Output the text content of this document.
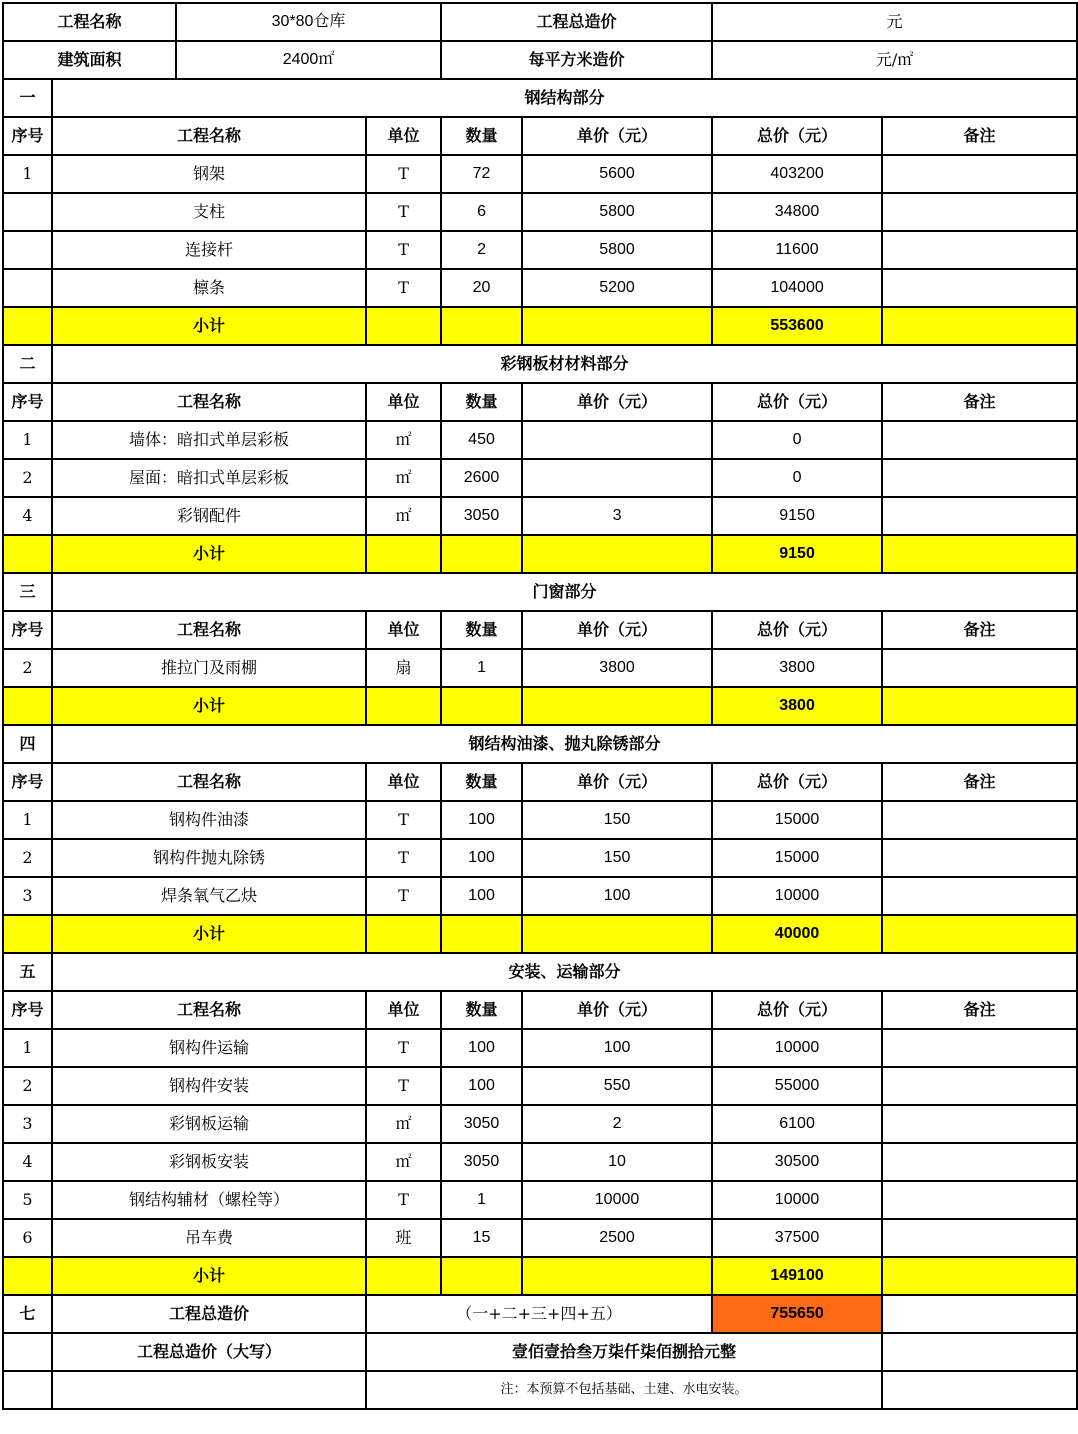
工程名称		30*80仓库		工程总造价		元	
建筑面积		2400㎡		每平方米造价		元/㎡	
一	钢结构部分						
序号	工程名称		单位	数量	单价（元）	总价（元）	备注
1	钢架		T	72	5600	403200	
	支柱		T	6	5800	34800	
	连接杆		T	2	5800	11600	
	檩条		T	20	5200	104000	
	小计					553600	
二	彩钢板材材料部分						
序号	工程名称		单位	数量	单价（元）	总价（元）	备注
1	墙体：暗扣式单层彩板		㎡	450		0	
2	屋面：暗扣式单层彩板		㎡	2600		0	
4	彩钢配件		㎡	3050	3	9150	
	小计					9150	
三	门窗部分						
序号	工程名称		单位	数量	单价（元）	总价（元）	备注
2	推拉门及雨棚		扇	1	3800	3800	
	小计					3800	
四	钢结构油漆、抛丸除锈部分						
序号	工程名称		单位	数量	单价（元）	总价（元）	备注
1	钢构件油漆		T	100	150	15000	
2	钢构件抛丸除锈		T	100	150	15000	
3	焊条氧气乙炔		T	100	100	10000	
	小计					40000	
五	安装、运输部分						
序号	工程名称		单位	数量	单价（元）	总价（元）	备注
1	钢构件运输		T	100	100	10000	
2	钢构件安装		T	100	550	55000	
3	彩钢板运输		㎡	3050	2	6100	
4	彩钢板安装		㎡	3050	10	30500	
5	钢结构辅材（螺栓等）		T	1	10000	10000	
6	吊车费		班	15	2500	37500	
	小计					149100	
七	工程总造价		（一+二+三+四+五）			755650	
	工程总造价（大写）		壹佰壹拾叁万柒仟柒佰捌拾元整				
			注：本预算不包括基础、土建、水电安装。				
